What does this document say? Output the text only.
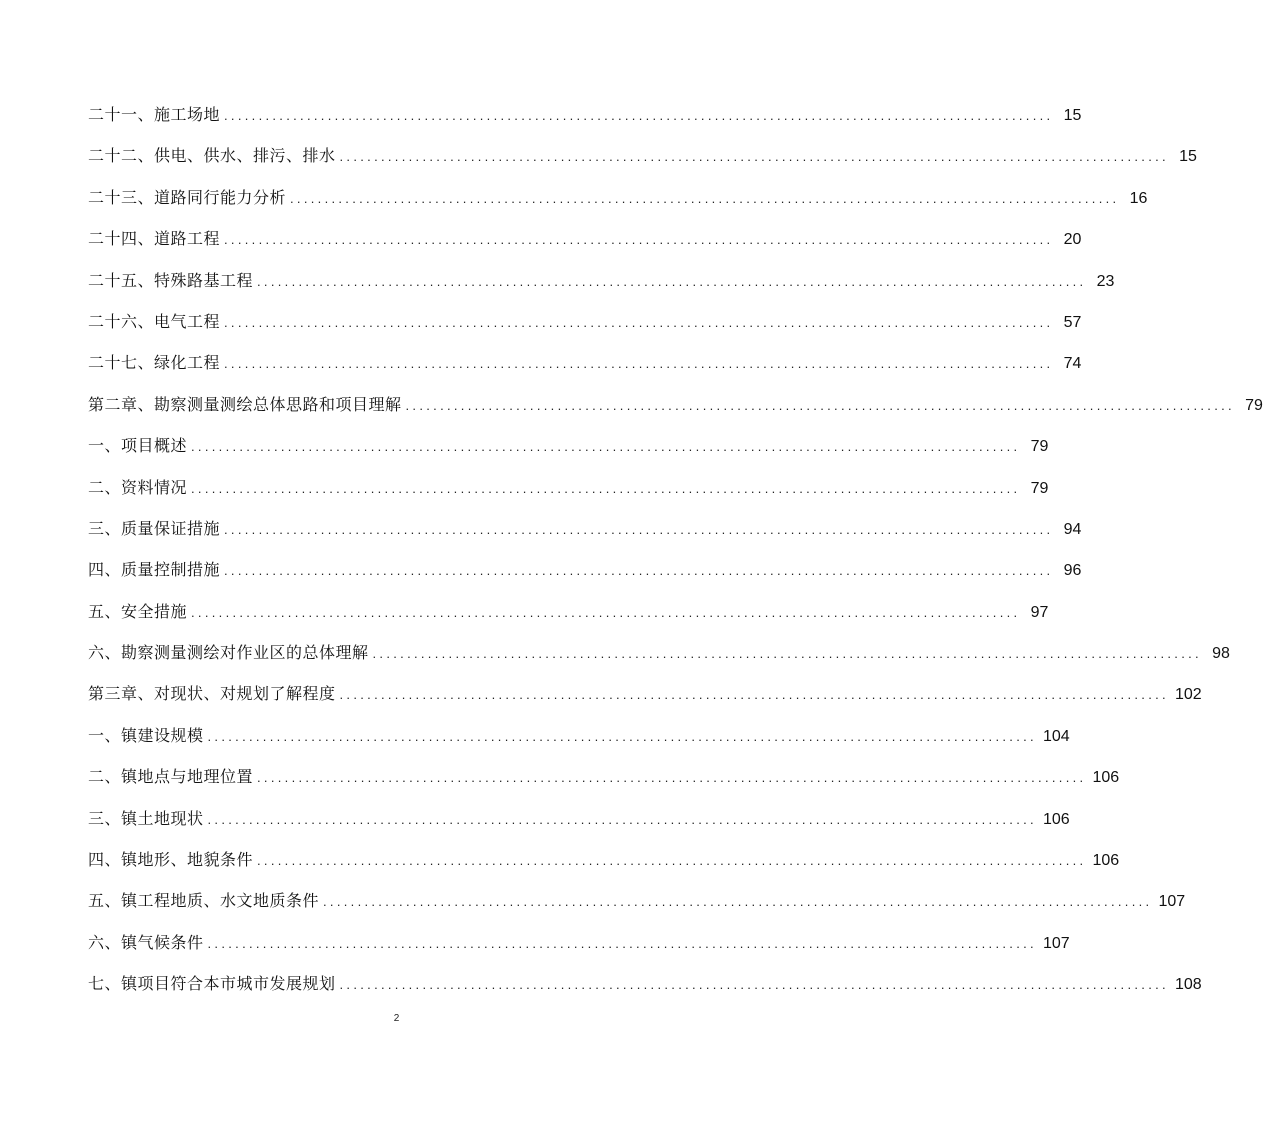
二十一、施工场地 ........................................................................................................................ 15
二十二、供电、供水、排污、排水 ........................................................................................................................ 15
二十三、道路同行能力分析 ........................................................................................................................ 16
二十四、道路工程 ........................................................................................................................ 20
二十五、特殊路基工程 ........................................................................................................................ 23
二十六、电气工程 ........................................................................................................................ 57
二十七、绿化工程 ........................................................................................................................ 74
第二章、勘察测量测绘总体思路和项目理解 ........................................................................................................................ 79
一、项目概述 ........................................................................................................................ 79
二、资料情况 ........................................................................................................................ 79
三、质量保证措施 ........................................................................................................................ 94
四、质量控制措施 ........................................................................................................................ 96
五、安全措施 ........................................................................................................................ 97
六、勘察测量测绘对作业区的总体理解 ........................................................................................................................ 98
第三章、对现状、对规划了解程度 ........................................................................................................................ 102
一、镇建设规模 ........................................................................................................................ 104
二、镇地点与地理位置 ........................................................................................................................ 106
三、镇土地现状 ........................................................................................................................ 106
四、镇地形、地貌条件 ........................................................................................................................ 106
五、镇工程地质、水文地质条件 ........................................................................................................................ 107
六、镇气候条件 ........................................................................................................................ 107
七、镇项目符合本市城市发展规划 ........................................................................................................................ 108
2
